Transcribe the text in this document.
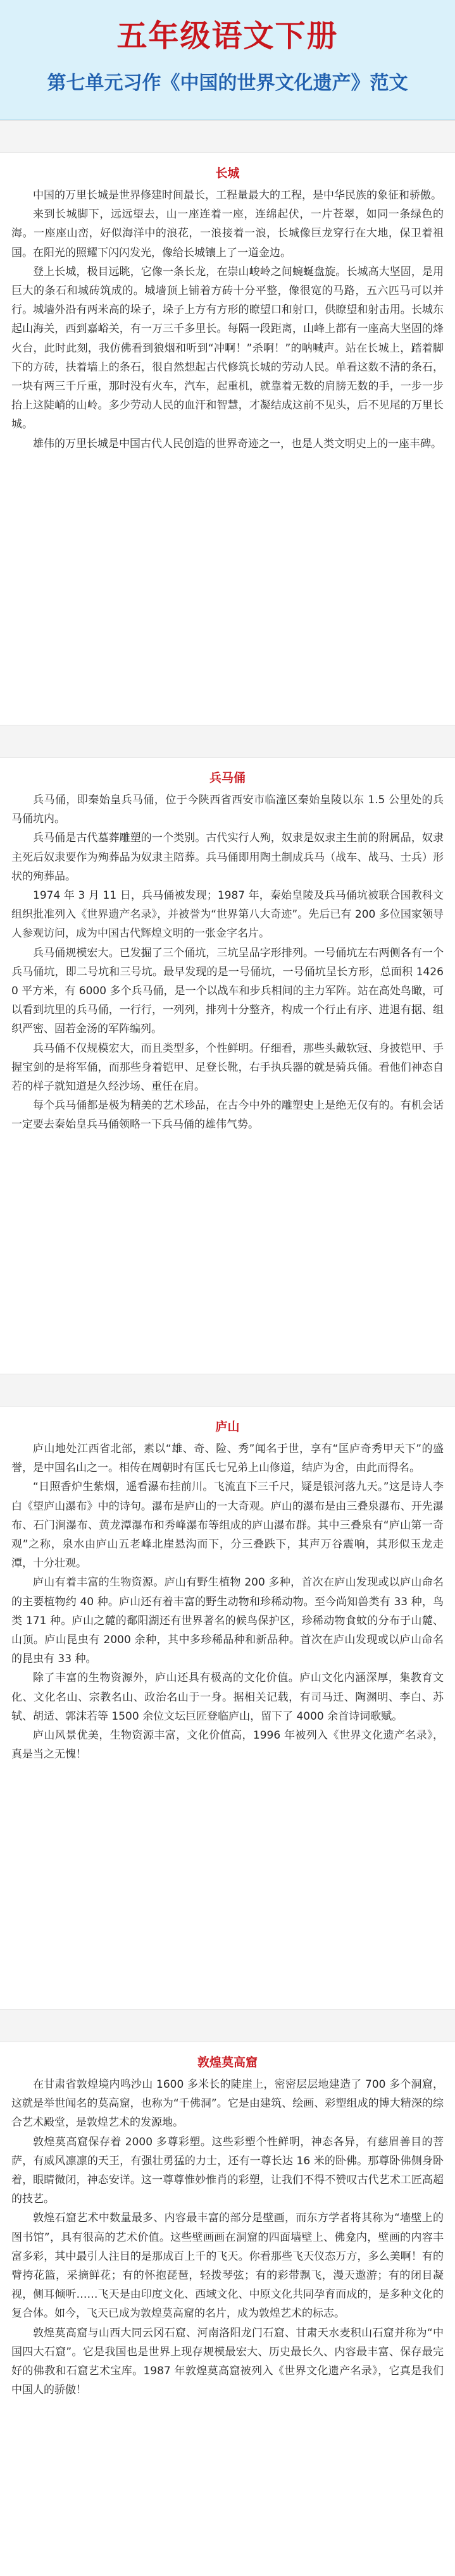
五年级语文下册
第七单元习作《中国的世界文化遗产》范文
长城

中国的万里长城是世界修建时间最长，工程量最大的工程，是中华民族的象征和骄傲。

来到长城脚下，远远望去，山一座连着一座，连绵起伏，一片苍翠，如同一条绿色的海。一座座山峦，好似海洋中的浪花，一浪接着一浪，长城像巨龙穿行在大地，保卫着祖国。在阳光的照耀下闪闪发光，像给长城镶上了一道金边。

登上长城，极目远眺，它像一条长龙，在崇山峻岭之间蜿蜒盘旋。长城高大坚固，是用巨大的条石和城砖筑成的。城墙顶上铺着方砖十分平整，像很宽的马路，五六匹马可以并行。城墙外沿有两米高的垛子，垛子上方有方形的瞭望口和射口，供瞭望和射击用。长城东起山海关，西到嘉峪关，有一万三千多里长。每隔一段距离，山峰上都有一座高大坚固的烽火台，此时此刻，我仿佛看到狼烟和听到“冲啊！”杀啊！”的呐喊声。站在长城上，踏着脚下的方砖，扶着墙上的条石，很自然想起古代修筑长城的劳动人民。单看这数不清的条石，一块有两三千斤重，那时没有火车，汽车，起重机，就靠着无数的肩膀无数的手，一步一步抬上这陡峭的山岭。多少劳动人民的血汗和智慧，才凝结成这前不见头，后不见尾的万里长城。

雄伟的万里长城是中国古代人民创造的世界奇迹之一，也是人类文明史上的一座丰碑。

兵马俑

兵马俑，即秦始皇兵马俑，位于今陕西省西安市临潼区秦始皇陵以东 1.5 公里处的兵马俑坑内。

兵马俑是古代墓葬雕塑的一个类别。古代实行人殉，奴隶是奴隶主生前的附属品，奴隶主死后奴隶要作为殉葬品为奴隶主陪葬。兵马俑即用陶土制成兵马（战车、战马、士兵）形状的殉葬品。

1974 年 3 月 11 日，兵马俑被发现；1987 年，秦始皇陵及兵马俑坑被联合国教科文组织批准列入《世界遗产名录》，并被誉为“世界第八大奇迹”。先后已有 200 多位国家领导人参观访问，成为中国古代辉煌文明的一张金字名片。

兵马俑规模宏大。已发掘了三个俑坑，三坑呈品字形排列。一号俑坑左右两侧各有一个兵马俑坑，即二号坑和三号坑。最早发现的是一号俑坑，一号俑坑呈长方形，总面积 14260 平方米，有 6000 多个兵马俑，是一个以战车和步兵相间的主力军阵。站在高处鸟瞰，可以看到坑里的兵马俑，一行行，一列列，排列十分整齐，构成一个行止有序、进退有据、组织严密、固若金汤的军阵编列。

兵马俑不仅规模宏大，而且类型多，个性鲜明。仔细看，那些头戴软冠、身披铠甲、手握宝剑的是将军俑，而那些身着铠甲、足登长靴，右手执兵器的就是骑兵俑。看他们神态自若的样子就知道是久经沙场、重任在肩。

每个兵马俑都是极为精美的艺术珍品，在古今中外的雕塑史上是绝无仅有的。有机会话一定要去秦始皇兵马俑领略一下兵马俑的雄伟气势。

庐山

庐山地处江西省北部，素以“雄、奇、险、秀”闻名于世，享有“匡庐奇秀甲天下”的盛誉，是中国名山之一。相传在周朝时有匡氏七兄弟上山修道，结庐为舍，由此而得名。

“日照香炉生紫烟，遥看瀑布挂前川。飞流直下三千尺，疑是银河落九天。”这是诗人李白《望庐山瀑布》中的诗句。瀑布是庐山的一大奇观。庐山的瀑布是由三叠泉瀑布、开先瀑布、石门涧瀑布、黄龙潭瀑布和秀峰瀑布等组成的庐山瀑布群。其中三叠泉有“庐山第一奇观”之称，泉水由庐山五老峰北崖悬沟而下，分三叠跌下，其声万谷震响，其形似玉龙走潭，十分壮观。

庐山有着丰富的生物资源。庐山有野生植物 200 多种，首次在庐山发现或以庐山命名的主要植物约 40 种。庐山还有着丰富的野生动物和珍稀动物。至今尚知兽类有 33 种，鸟类 171 种。庐山之麓的鄱阳湖还有世界著名的候鸟保护区，珍稀动物食蚊的分布于山麓、山顶。庐山昆虫有 2000 余种，其中多珍稀品种和新品种。首次在庐山发现或以庐山命名的昆虫有 33 种。

除了丰富的生物资源外，庐山还具有极高的文化价值。庐山文化内涵深厚，集教育文化、文化名山、宗教名山、政治名山于一身。据相关记载，有司马迁、陶渊明、李白、苏轼、胡适、郭沫若等 1500 余位文坛巨匠登临庐山，留下了 4000 余首诗词歌赋。

庐山风景优美，生物资源丰富，文化价值高，1996 年被列入《世界文化遗产名录》，真是当之无愧！

敦煌莫高窟

在甘肃省敦煌境内鸣沙山 1600 多米长的陡崖上，密密层层地建造了 700 多个洞窟，这就是举世闻名的莫高窟，也称为“千佛洞”。它是由建筑、绘画、彩塑组成的博大精深的综合艺术殿堂，是敦煌艺术的发源地。

敦煌莫高窟保存着 2000 多尊彩塑。这些彩塑个性鲜明，神态各异，有慈眉善目的菩萨，有威风凛凛的天王，有强壮勇猛的力士，还有一尊长达 16 米的卧佛。那尊卧佛侧身卧着，眼睛微闭，神态安详。这一尊尊惟妙惟肖的彩塑，让我们不得不赞叹古代艺术工匠高超的技艺。

敦煌石窟艺术中数量最多、内容最丰富的部分是壁画，而东方学者将其称为“墙壁上的图书馆”，具有很高的艺术价值。这些壁画画在洞窟的四面墙壁上、佛龛内，壁画的内容丰富多彩，其中最引人注目的是那成百上千的飞天。你看那些飞天仪态万方，多么美啊！有的臂挎花篮，采摘鲜花；有的怀抱琵琶，轻拨琴弦；有的彩带飘飞，漫天遨游；有的闭目凝视，侧耳倾听……飞天是由印度文化、西域文化、中原文化共同孕育而成的，是多种文化的复合体。如今，飞天已成为敦煌莫高窟的名片，成为敦煌艺术的标志。

敦煌莫高窟与山西大同云冈石窟、河南洛阳龙门石窟、甘肃天水麦积山石窟并称为“中国四大石窟”。它是我国也是世界上现存规模最宏大、历史最长久、内容最丰富、保存最完好的佛教和石窟艺术宝库。1987 年敦煌莫高窟被列入《世界文化遗产名录》，它真是我们中国人的骄傲！
